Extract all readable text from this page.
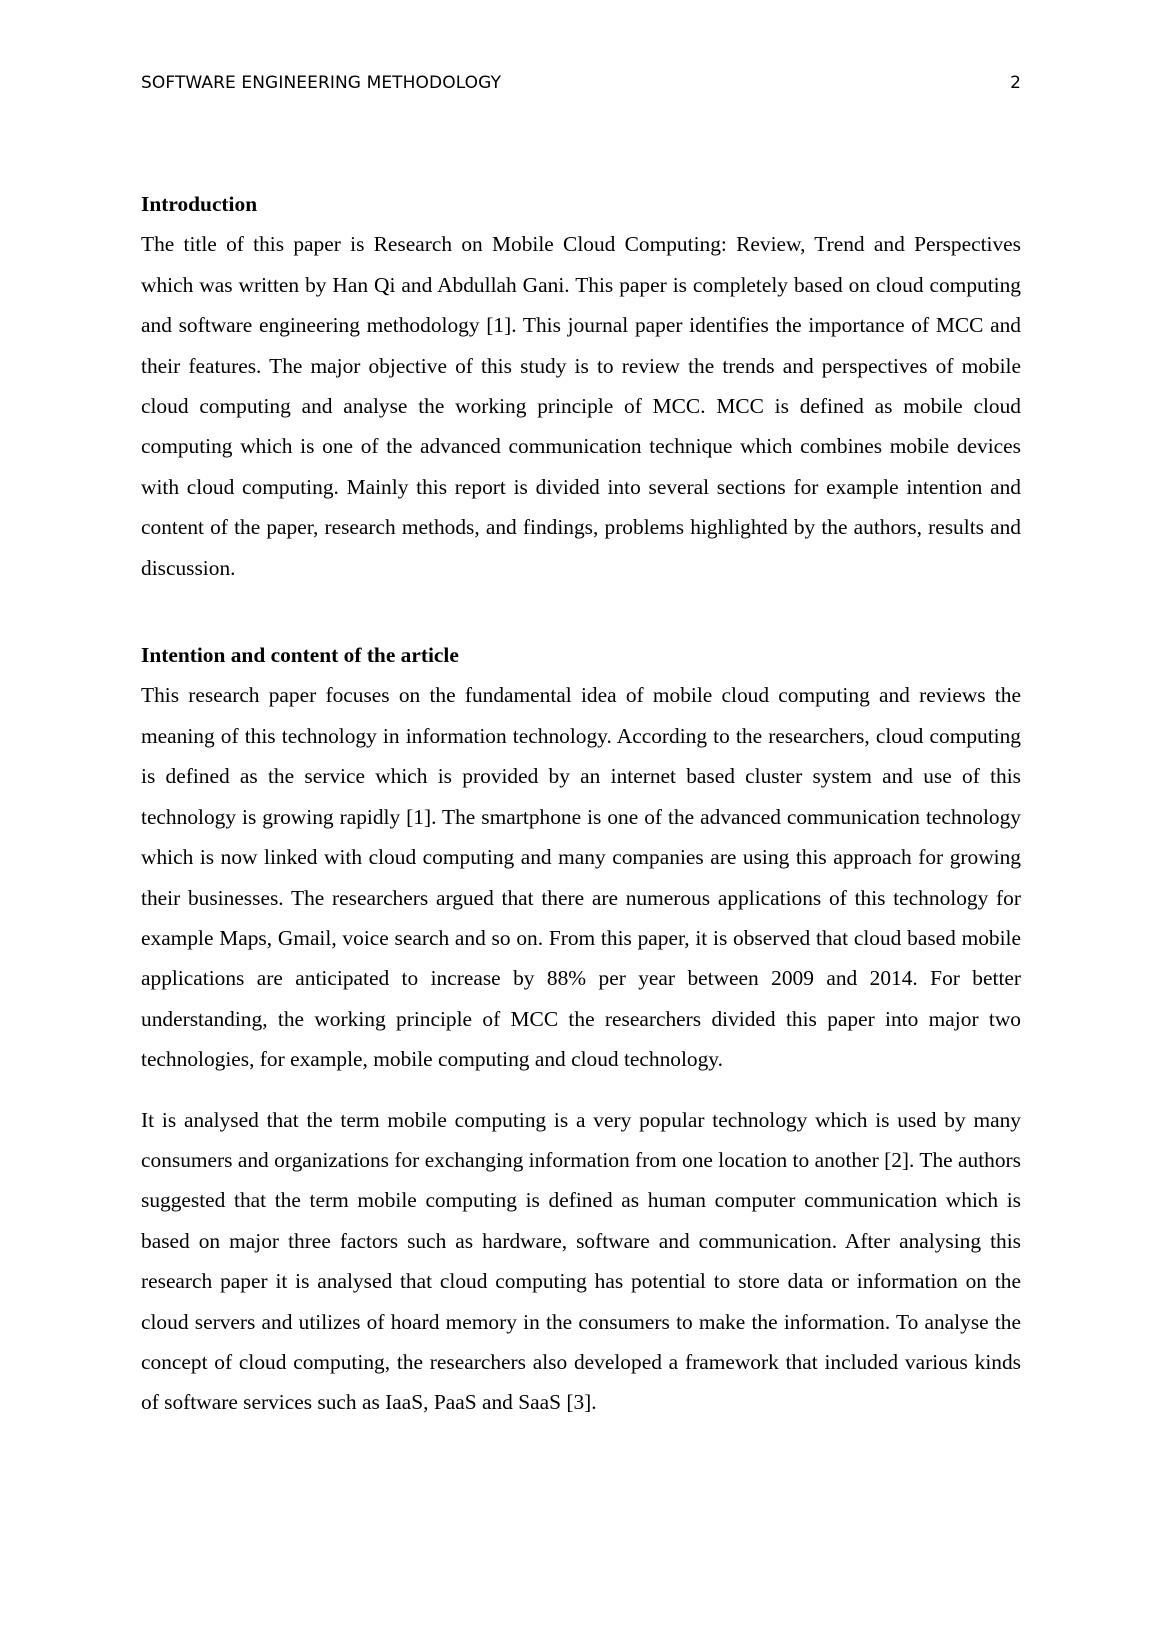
SOFTWARE ENGINEERING METHODOLOGY	2
Introduction

The title of this paper is Research on Mobile Cloud Computing: Review, Trend and Perspectives which was written by Han Qi and Abdullah Gani. This paper is completely based on cloud computing and software engineering methodology [1]. This journal paper identifies the importance of MCC and their features. The major objective of this study is to review the trends and perspectives of mobile cloud computing and analyse the working principle of MCC. MCC is defined as mobile cloud computing which is one of the advanced communication technique which combines mobile devices with cloud computing. Mainly this report is divided into several sections for example intention and content of the paper, research methods, and findings, problems highlighted by the authors, results and discussion.

Intention and content of the article

This research paper focuses on the fundamental idea of mobile cloud computing and reviews the meaning of this technology in information technology. According to the researchers, cloud computing is defined as the service which is provided by an internet based cluster system and use of this technology is growing rapidly [1]. The smartphone is one of the advanced communication technology which is now linked with cloud computing and many companies are using this approach for growing their businesses. The researchers argued that there are numerous applications of this technology for example Maps, Gmail, voice search and so on. From this paper, it is observed that cloud based mobile applications are anticipated to increase by 88% per year between 2009 and 2014. For better understanding, the working principle of MCC the researchers divided this paper into major two technologies, for example, mobile computing and cloud technology.

It is analysed that the term mobile computing is a very popular technology which is used by many consumers and organizations for exchanging information from one location to another [2]. The authors suggested that the term mobile computing is defined as human computer communication which is based on major three factors such as hardware, software and communication. After analysing this research paper it is analysed that cloud computing has potential to store data or information on the cloud servers and utilizes of hoard memory in the consumers to make the information. To analyse the concept of cloud computing, the researchers also developed a framework that included various kinds of software services such as IaaS, PaaS and SaaS [3].
